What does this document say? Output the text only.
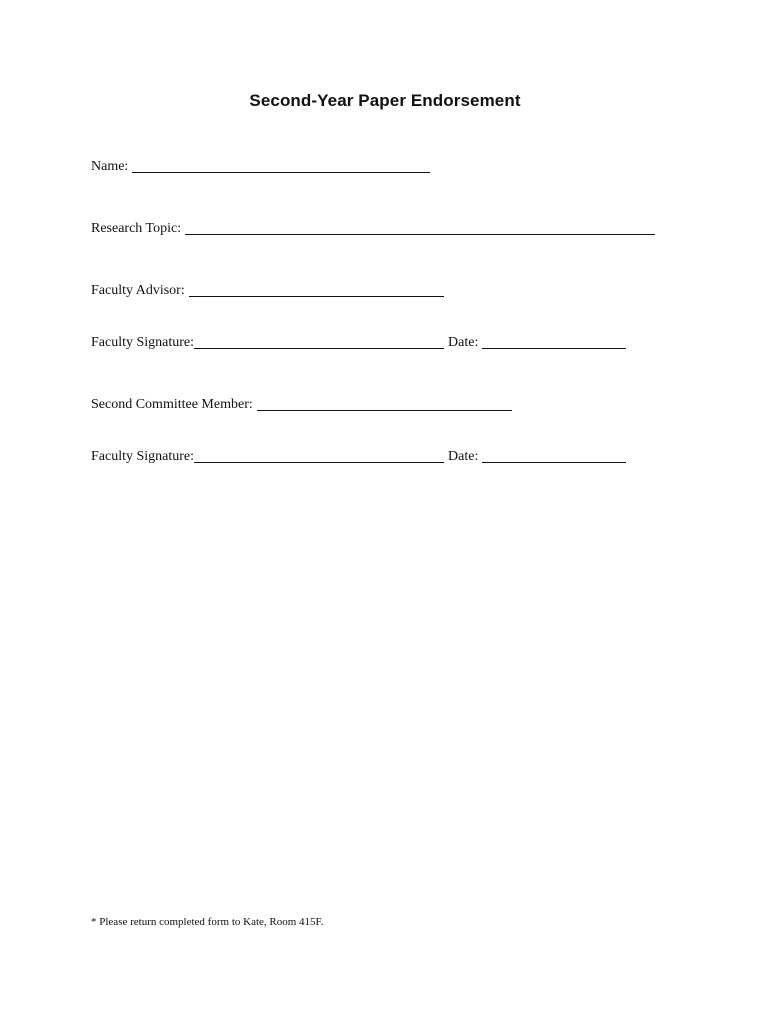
Second-Year Paper Endorsement
Name:
Research Topic:
Faculty Advisor:
Faculty Signature:	Date:
Second Committee Member:
Faculty Signature:	Date:
* Please return completed form to Kate, Room 415F.
